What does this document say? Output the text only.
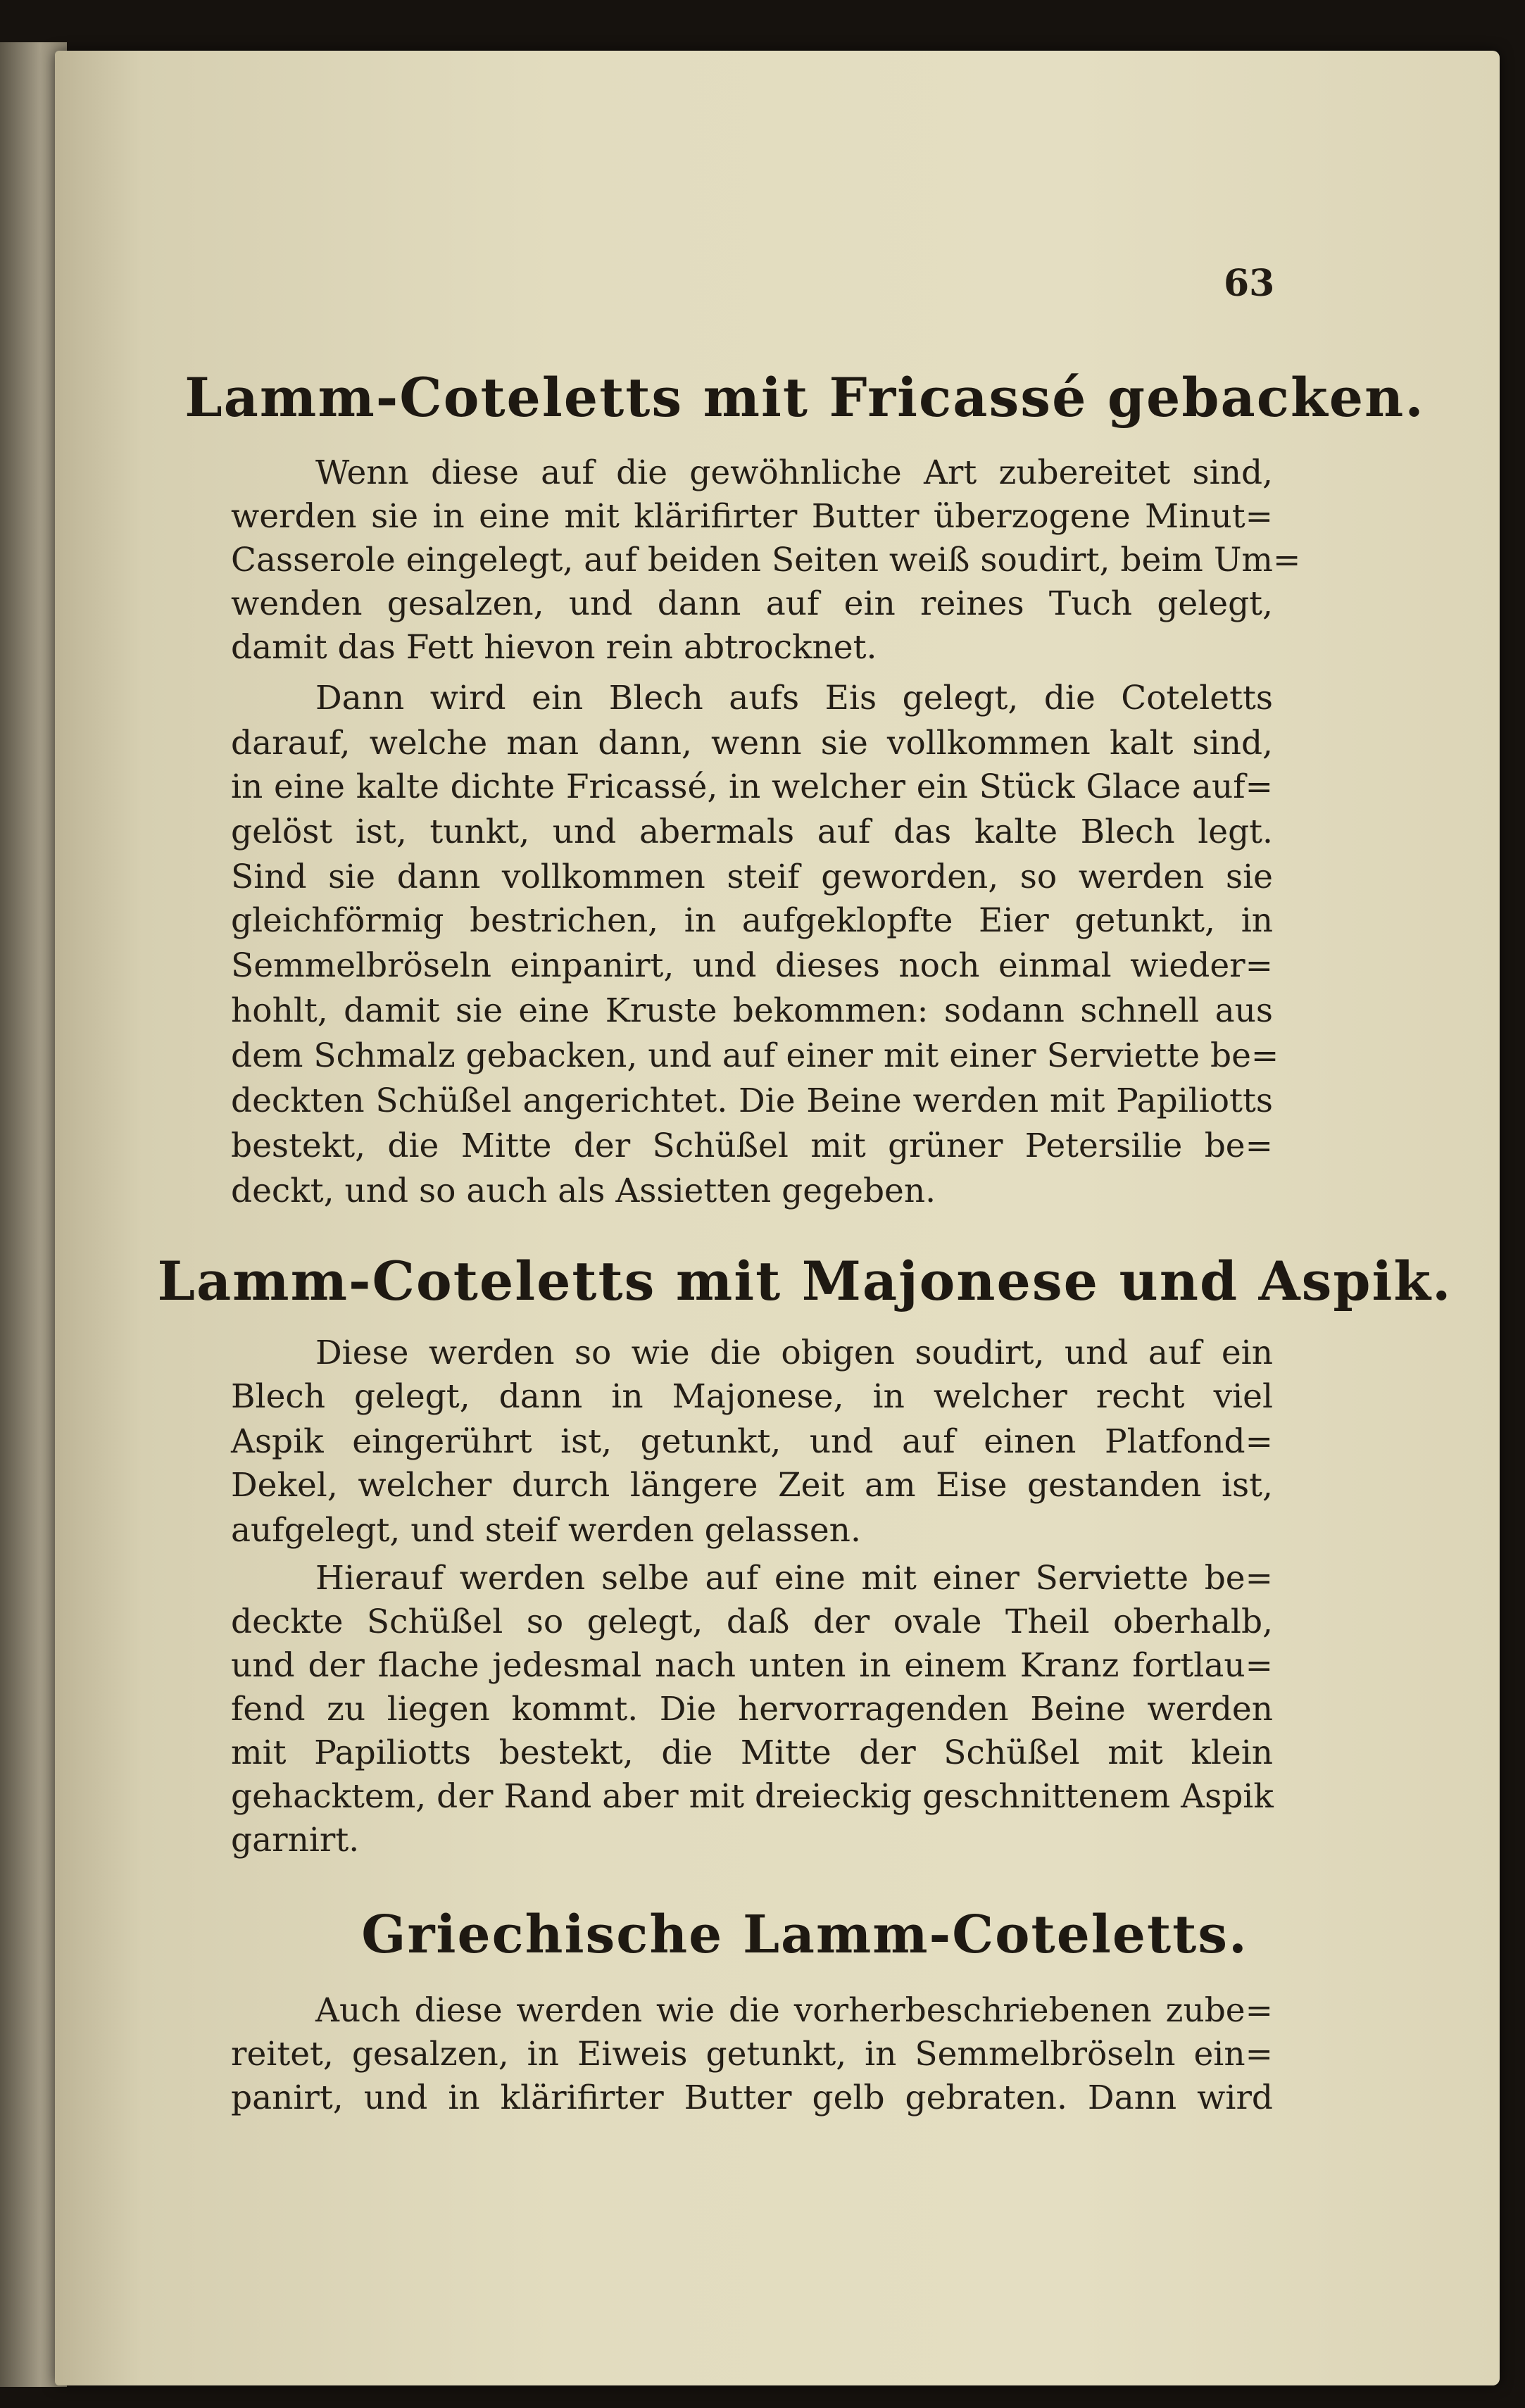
63
Lamm-Coteletts mit Fricassé gebacken.
Wenn diese auf die gewöhnliche Art zubereitet sind,
werden sie in eine mit klärifirter Butter überzogene Minut=
Casserole eingelegt, auf beiden Seiten weiß soudirt, beim Um=
wenden gesalzen, und dann auf ein reines Tuch gelegt,
damit das Fett hievon rein abtrocknet.
Dann wird ein Blech aufs Eis gelegt, die Coteletts
darauf, welche man dann, wenn sie vollkommen kalt sind,
in eine kalte dichte Fricassé, in welcher ein Stück Glace auf=
gelöst ist, tunkt, und abermals auf das kalte Blech legt.
Sind sie dann vollkommen steif geworden, so werden sie
gleichförmig bestrichen, in aufgeklopfte Eier getunkt, in
Semmelbröseln einpanirt, und dieses noch einmal wieder=
hohlt, damit sie eine Kruste bekommen: sodann schnell aus
dem Schmalz gebacken, und auf einer mit einer Serviette be=
deckten Schüßel angerichtet. Die Beine werden mit Papiliotts
bestekt, die Mitte der Schüßel mit grüner Petersilie be=
deckt, und so auch als Assietten gegeben.
Lamm-Coteletts mit Majonese und Aspik.
Diese werden so wie die obigen soudirt, und auf ein
Blech gelegt, dann in Majonese, in welcher recht viel
Aspik eingerührt ist, getunkt, und auf einen Platfond=
Dekel, welcher durch längere Zeit am Eise gestanden ist,
aufgelegt, und steif werden gelassen.
Hierauf werden selbe auf eine mit einer Serviette be=
deckte Schüßel so gelegt, daß der ovale Theil oberhalb,
und der flache jedesmal nach unten in einem Kranz fortlau=
fend zu liegen kommt. Die hervorragenden Beine werden
mit Papiliotts bestekt, die Mitte der Schüßel mit klein
gehacktem, der Rand aber mit dreieckig geschnittenem Aspik
garnirt.
Griechische Lamm-Coteletts.
Auch diese werden wie die vorherbeschriebenen zube=
reitet, gesalzen, in Eiweis getunkt, in Semmelbröseln ein=
panirt, und in klärifirter Butter gelb gebraten. Dann wird
